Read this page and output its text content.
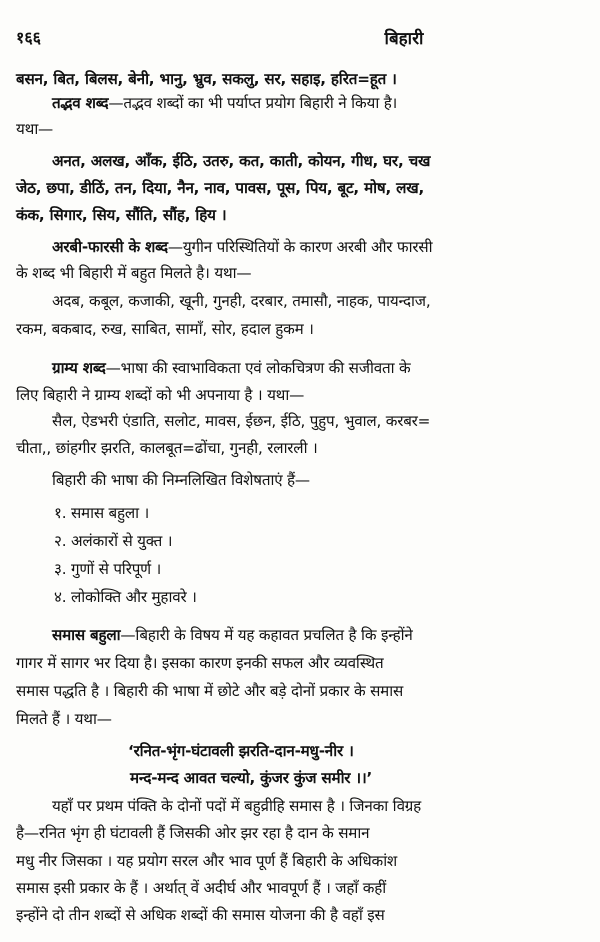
१६६	बिहारी
बसन, बित, बिलस, बेनी, भानु, भ्रुव, सकलु, सर, सहाइ, हरित=हूत ।
तद्भव शब्द—तद्भव शब्दों का भी पर्याप्त प्रयोग बिहारी ने किया है।
यथा—
अनत, अलख, आँक, ईठि, उतरु, कत, काती, कोयन, गीध, घर, चख
जेठ, छपा, डीठिं, तन, दिया, नैन, नाव, पावस, पूस, पिय, बूट, मोष, लख,
कंक, सिगार, सिय, सौंति, सौंह, हिय ।
अरबी-फारसी के शब्द—युगीन परिस्थितियों के कारण अरबी और फारसी
के शब्द भी बिहारी में बहुत मिलते है। यथा—
अदब, कबूल, कजाकी, खूनी, गुनही, दरबार, तमासौ, नाहक, पायन्दाज,
रकम, बकबाद, रुख, साबित, सामाँ, सोर, हदाल हुकम ।
ग्राम्य शब्द—भाषा की स्वाभाविकता एवं लोकचित्रण की सजीवता के
लिए बिहारी ने ग्राम्य शब्दों को भी अपनाया है । यथा—
सैल, ऐडभरी एंडाति, सलोट, मावस, ईछन, ईठि, पुहुप, भुवाल, करबर=
चीता,, छांहगीर झरति, कालबूत=ढोंचा, गुनही, रलारली ।
बिहारी की भाषा की निम्नलिखित विशेषताएं हैं—
१. समास बहुला ।
२. अलंकारों से युक्त ।
३. गुणों से परिपूर्ण ।
४. लोकोक्ति और मुहावरे ।
समास बहुला—बिहारी के विषय में यह कहावत प्रचलित है कि इन्होंने
गागर में सागर भर दिया है। इसका कारण इनकी सफल और व्यवस्थित
समास पद्धति है । बिहारी की भाषा में छोटे और बड़े दोनों प्रकार के समास
मिलते हैं । यथा—
‘रनित-भृंग-घंटावली झरति-दान-मधु-नीर ।
मन्द-मन्द आवत चल्यो, कुंजर कुंज समीर ।।’
यहाँ पर प्रथम पंक्ति के दोनों पदों में बहुव्रीहि समास है । जिनका विग्रह
है—रनित भृंग ही घंटावली हैं जिसकी ओर झर रहा है दान के समान
मधु नीर जिसका । यह प्रयोग सरल और भाव पूर्ण हैं बिहारी के अधिकांश
समास इसी प्रकार के हैं । अर्थात् वें अदीर्घ और भावपूर्ण हैं । जहाँ कहीं
इन्होंने दो तीन शब्दों से अधिक शब्दों की समास योजना की है वहाँ इस
